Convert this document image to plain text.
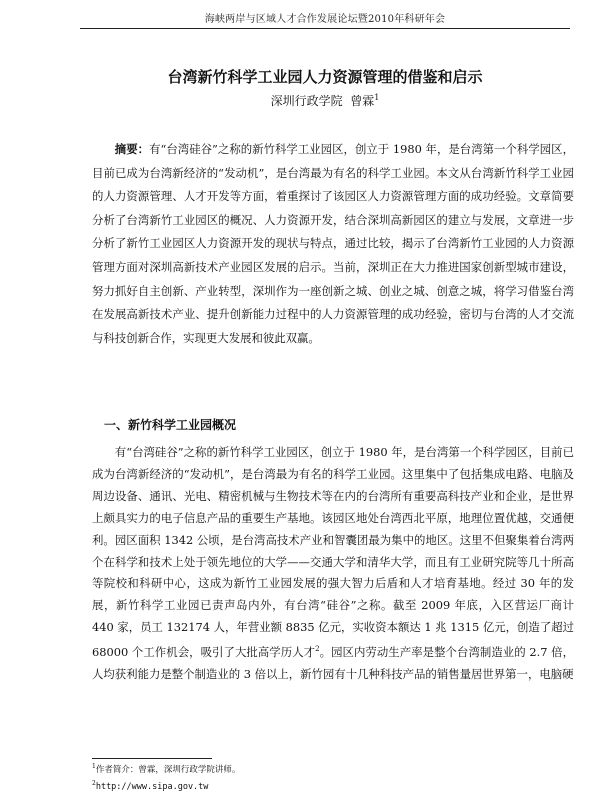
海峡两岸与区域人才合作发展论坛暨2010年科研年会
台湾新竹科学工业园人力资源管理的借鉴和启示
深圳行政学院 曾霖$^1$

摘要：有“台湾硅谷”之称的新竹科学工业园区，创立于 1980 年，是台湾第一个科学园区，目前已成为台湾新经济的“发动机”，是台湾最为有名的科学工业园。本文从台湾新竹科学工业园的人力资源管理、人才开发等方面，着重探讨了该园区人力资源管理方面的成功经验。文章简要分析了台湾新竹工业园区的概况、人力资源开发，结合深圳高新园区的建立与发展，文章进一步分析了新竹工业园区人力资源开发的现状与特点，通过比较，揭示了台湾新竹工业园的人力资源管理方面对深圳高新技术产业园区发展的启示。当前，深圳正在大力推进国家创新型城市建设，努力抓好自主创新、产业转型，深圳作为一座创新之城、创业之城、创意之城，将学习借鉴台湾在发展高新技术产业、提升创新能力过程中的人力资源管理的成功经验，密切与台湾的人才交流与科技创新合作，实现更大发展和彼此双赢。

一、新竹科学工业园概况

有“台湾硅谷”之称的新竹科学工业园区，创立于 1980 年，是台湾第一个科学园区，目前已成为台湾新经济的“发动机”，是台湾最为有名的科学工业园。这里集中了包括集成电路、电脑及周边设备、通讯、光电、精密机械与生物技术等在内的台湾所有重要高科技产业和企业，是世界上颇具实力的电子信息产品的重要生产基地。该园区地处台湾西北平原，地理位置优越，交通便利。园区面积 1342 公顷，是台湾高技术产业和智囊团最为集中的地区。这里不但聚集着台湾两个在科学和技术上处于领先地位的大学——交通大学和清华大学，而且有工业研究院等几十所高等院校和科研中心，这成为新竹工业园发展的强大智力后盾和人才培育基地。经过 30 年的发展，新竹科学工业园已责声岛内外，有台湾“硅谷”之称。截至 2009 年底，入区营运厂商计 440 家，员工 132174 人，年营业额 8835 亿元，实收资本额达 1 兆 1315 亿元，创造了超过 68000 个工作机会，吸引了大批高学历人才$^2$。园区内劳动生产率是整个台湾制造业的 2.7 倍，人均获利能力是整个制造业的 3 倍以上，新竹园有十几种科技产品的销售量居世界第一，电脑硬

$^1$作者简介：曾霖，深圳行政学院讲师。

$^2$http://www.sipa.gov.tw
